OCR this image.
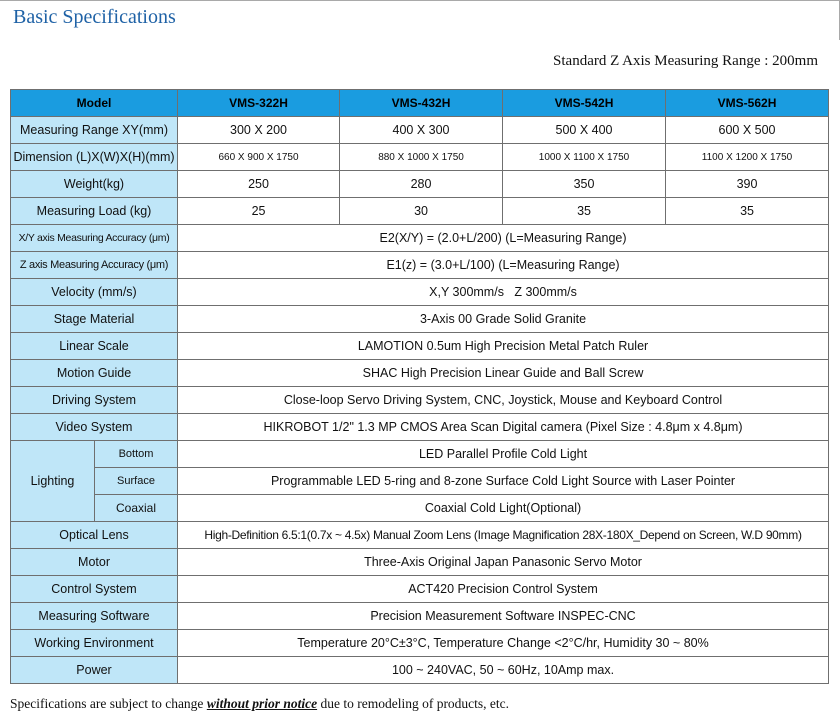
Basic Specifications
Standard Z Axis Measuring Range : 200mm
Model		VMS-322H	VMS-432H	VMS-542H	VMS-562H
Measuring Range XY(mm)		300 X 200	400 X 300	500 X 400	600 X 500
Dimension (L)X(W)X(H)(mm)		660 X 900 X 1750	880 X 1000 X 1750	1000 X 1100 X 1750	1100 X 1200 X 1750
Weight(kg)		250	280	350	390
Measuring Load (kg)		25	30	35	35
X/Y axis Measuring Accuracy (μm)		E2(X/Y) = (2.0+L/200) (L=Measuring Range)			
Z axis Measuring Accuracy (μm)		E1(z) = (3.0+L/100) (L=Measuring Range)			
Velocity (mm/s)		X,Y 300mm/s   Z 300mm/s			
Stage Material		3-Axis 00 Grade Solid Granite			
Linear Scale		LAMOTION 0.5um High Precision Metal Patch Ruler			
Motion Guide		SHAC High Precision Linear Guide and Ball Screw			
Driving System		Close-loop Servo Driving System, CNC, Joystick, Mouse and Keyboard Control			
Video System		HIKROBOT 1/2" 1.3 MP CMOS Area Scan Digital camera (Pixel Size : 4.8μm x 4.8μm)			
Lighting	Bottom	LED Parallel Profile Cold Light			
	Surface	Programmable LED 5-ring and 8-zone Surface Cold Light Source with Laser Pointer			
	Coaxial	Coaxial Cold Light(Optional)			
Optical Lens		High-Definition 6.5:1(0.7x ~ 4.5x) Manual Zoom Lens (Image Magnification 28X-180X_Depend on Screen, W.D 90mm)			
Motor		Three-Axis Original Japan Panasonic Servo Motor			
Control System		ACT420 Precision Control System			
Measuring Software		Precision Measurement Software INSPEC-CNC			
Working Environment		Temperature 20°C±3°C, Temperature Change <2°C/hr, Humidity 30 ~ 80%			
Power		100 ~ 240VAC, 50 ~ 60Hz, 10Amp max.			
Specifications are subject to change without prior notice due to remodeling of products, etc.
